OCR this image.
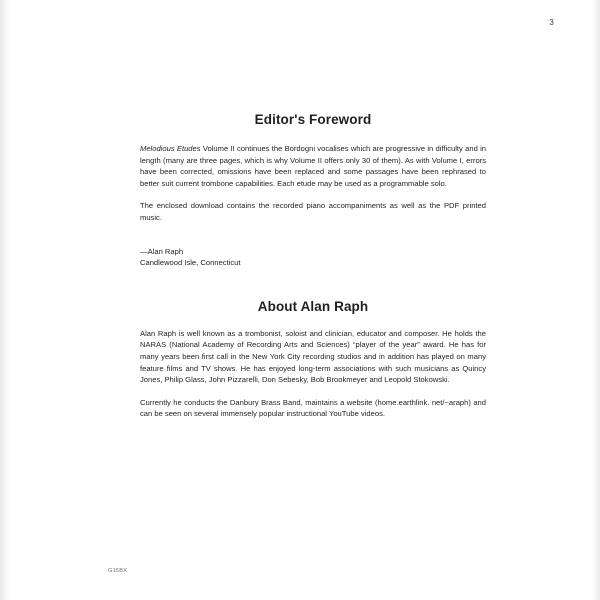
3
Editor's Foreword

Melodious Etudes Volume II continues the Bordogni vocalises which are progressive in difficulty and in length (many are three pages, which is why Volume II offers only 30 of them). As with Volume I, errors have been corrected, omissions have been replaced and some passages have been rephrased to better suit current trombone capabilities. Each etude may be used as a programmable solo.

The enclosed download contains the recorded piano accompaniments as well as the PDF printed music.

—Alan Raph
Candlewood Isle, Connecticut
About Alan Raph

Alan Raph is well known as a trombonist, soloist and clinician, educator and composer. He holds the NARAS (National Academy of Recording Arts and Sciences) “player of the year” award. He has for many years been first call in the New York City recording studios and in addition has played on many feature films and TV shows. He has enjoyed long-term associations with such musicians as Quincy Jones, Philip Glass, John Pizzarelli, Don Sebesky, Bob Brookmeyer and Leopold Stokowski.

Currently he conducts the Danbury Brass Band, maintains a website (home.earthlink. net/~araph) and can be seen on several immensely popular instructional YouTube videos.

G15BX
